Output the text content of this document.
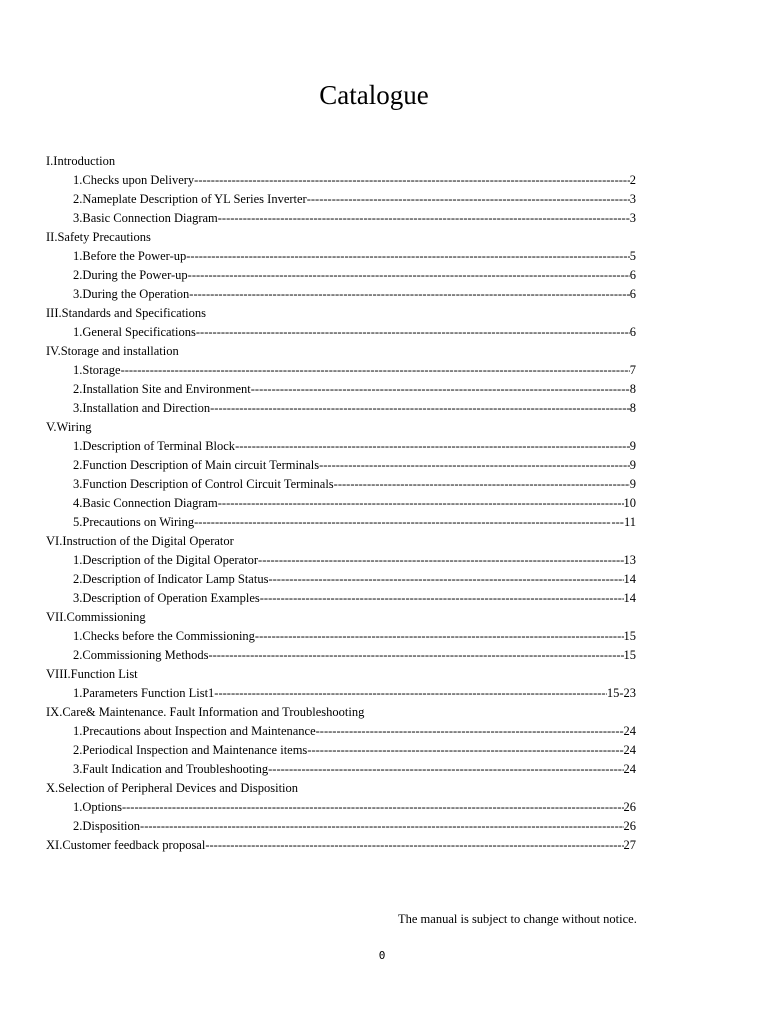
Catalogue
I.Introduction
1.Checks upon Delivery -----	2
2.Nameplate Description of YL Series Inverter -----	3
3.Basic Connection Diagram -----	3
II.Safety Precautions
1.Before the Power-up -----	5
2.During the Power-up -----	6
3.During the Operation -----	6
III.Standards and Specifications
1.General Specifications -----	6
IV.Storage and installation
1.Storage -----	7
2.Installation Site and Environment -----	8
3.Installation and Direction -----	8
V.Wiring
1.Description of Terminal Block -----	9
2.Function Description of Main circuit Terminals -----	9
3.Function Description of Control Circuit Terminals -----	9
4.Basic Connection Diagram -----	10
5.Precautions on Wiring -----	---11
VI.Instruction of the Digital Operator
1.Description of the Digital Operator -----	13
2.Description of Indicator Lamp Status -----	14
3.Description of Operation Examples -----	14
VII.Commissioning
1.Checks before the Commissioning -----	15
2.Commissioning Methods -----	15
VIII.Function List
1.Parameters Function List1 -----	15-23
IX.Care& Maintenance. Fault Information and Troubleshooting
1.Precautions about Inspection and Maintenance -----	24
2.Periodical Inspection and Maintenance items -----	24
3.Fault Indication and Troubleshooting -----	24
X.Selection of Peripheral Devices and Disposition
1.Options -----	26
2.Disposition -----	26
XI.Customer feedback proposal -----	27
The manual is subject to change without notice.
0
